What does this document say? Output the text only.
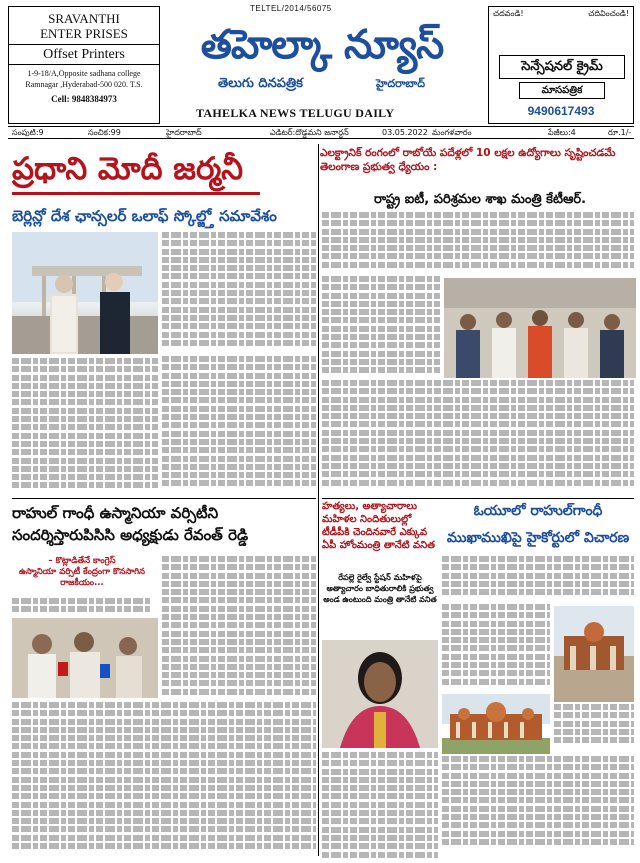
SRAVANTHI
ENTER PRISES
Offset Printers
1-9-18/A,Opposite sadhana college Ramnagar ,Hyderabad-500 020. T.S.
Cell: 9848384973
TELTEL/2014/56075
తహెల్కా న్యూస్
తెలుగు దినపత్రిక	హైదరాబాద్
TAHELKA NEWS TELUGU DAILY
చదవండి!	చదివించండి!
సెన్సేషనల్ క్రైమ్
మాసపత్రిక
9490617493
సంపుటి:9	సంచిక:99	హైదరాబాద్	ఎడిటర్:దొడ్డమని జనార్దన్	03.05.2022 మంగళవారం	పేజీలు:4	రూ.1/-
ప్రధాని మోదీ జర్మనీ
బెర్లిన్లో దేశ ఛాన్సలర్ ఒలాఫ్ స్కోల్జ్తో సమావేశం
రాహుల్ గాంధీ ఉస్మానియా వర్సిటీని సందర్శిస్తారుపిసిసి అధ్యక్షుడు రేవంత్ రెడ్డి
– కొట్లాడితేనే కాంగ్రెస్
ఉస్మానియా వర్సిటీ కేంద్రంగా కొనసాగిన రాజకీయం...
ఎలక్ట్రానిక్ రంగంలో రాబోయే పదేళ్లలో 10 లక్షల ఉద్యోగాలు సృష్టించడమే తెలంగాణ ప్రభుత్వ ధ్యేయం :
రాష్ట్ర ఐటీ, పరిశ్రమల శాఖ మంత్రి కేటీఆర్.
హత్యలు, అత్యాచారాలు మహిళల నిందితులుల్లో టీడీపీకి చెందినవారే ఎక్కువ ఏపీ హోంమంత్రి తానేటి వనిత
రేపల్లె రైల్వే స్టేషన్ మహిళపై అత్యాచారం బాధితురాలికి ప్రభుత్వ అండ ఉంటుంది మంత్రి తానేటి వనిత
ఓయూలో రాహుల్‌గాంధీ
ముఖాముఖిపై హైకోర్టులో విచారణ
